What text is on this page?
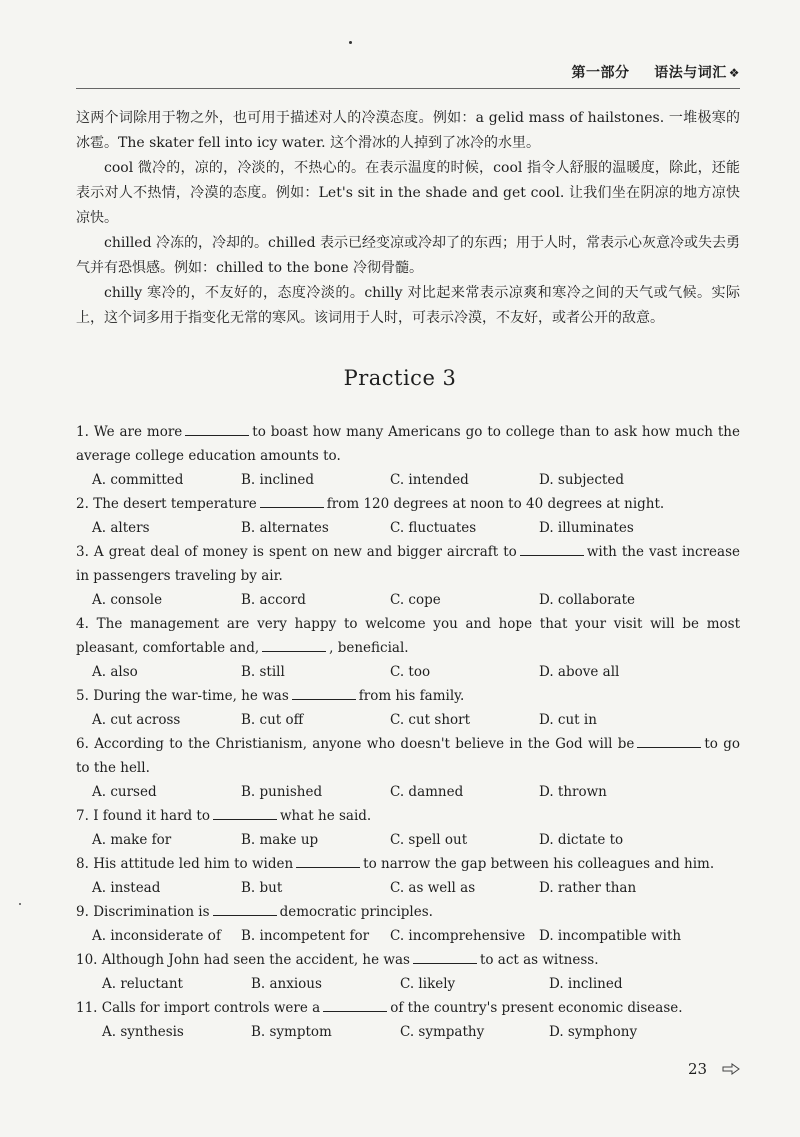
第一部分 语法与词汇 ❖

这两个词除用于物之外，也可用于描述对人的冷漠态度。例如：a gelid mass of hailstones. 一堆极寒的冰雹。The skater fell into icy water. 这个滑冰的人掉到了冰冷的水里。

cool 微冷的，凉的，冷淡的，不热心的。在表示温度的时候，cool 指令人舒服的温暖度，除此，还能表示对人不热情，冷漠的态度。例如：Let's sit in the shade and get cool. 让我们坐在阴凉的地方凉快凉快。

chilled 冷冻的，冷却的。chilled 表示已经变凉或冷却了的东西；用于人时，常表示心灰意冷或失去勇气并有恐惧感。例如：chilled to the bone 冷彻骨髓。

chilly 寒冷的，不友好的，态度冷淡的。chilly 对比起来常表示凉爽和寒冷之间的天气或气候。实际上，这个词多用于指变化无常的寒风。该词用于人时，可表示冷漠，不友好，或者公开的敌意。

Practice 3
1. We are more	to boast how many Americans go to college than to ask how much the average college education amounts to.
A. committed	B. inclined	C. intended	D. subjected
2. The desert temperature	from 120 degrees at noon to 40 degrees at night.
A. alters	B. alternates	C. fluctuates	D. illuminates
3. A great deal of money is spent on new and bigger aircraft to	with the vast increase in passengers traveling by air.
A. console	B. accord	C. cope	D. collaborate
4. The management are very happy to welcome you and hope that your visit will be most pleasant, comfortable and,	, beneficial.
A. also	B. still	C. too	D. above all
5. During the war-time, he was	from his family.
A. cut across	B. cut off	C. cut short	D. cut in
6. According to the Christianism, anyone who doesn't believe in the God will be	to go to the hell.
A. cursed	B. punished	C. damned	D. thrown
7. I found it hard to	what he said.
A. make for	B. make up	C. spell out	D. dictate to
8. His attitude led him to widen	to narrow the gap between his colleagues and him.
A. instead	B. but	C. as well as	D. rather than
9. Discrimination is	democratic principles.
A. inconsiderate of	B. incompetent for	C. incomprehensive	D. incompatible with
10. Although John had seen the accident, he was	to act as witness.
A. reluctant	B. anxious	C. likely	D. inclined
11. Calls for import controls were a	of the country's present economic disease.
A. synthesis	B. symptom	C. sympathy	D. symphony
23
